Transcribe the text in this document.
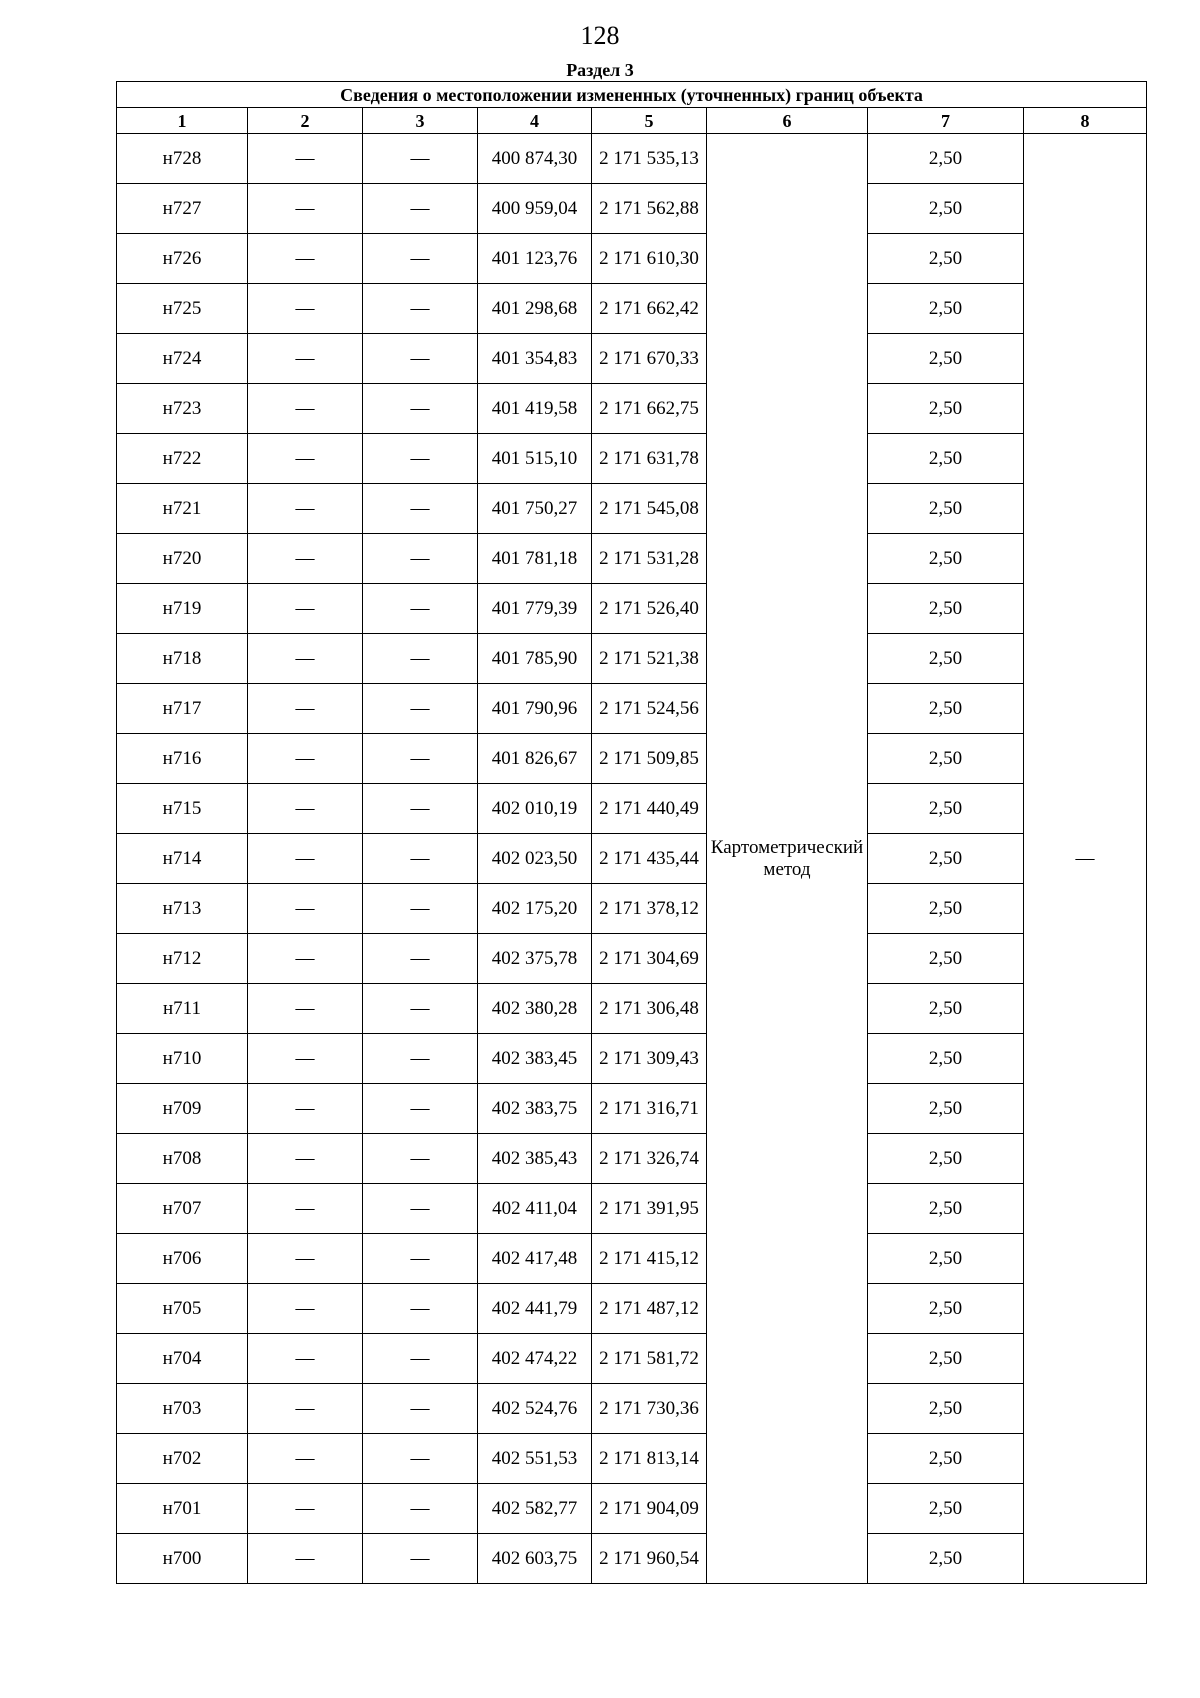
128
Раздел 3
Сведения о местоположении измененных (уточненных) границ объекта							
1	2	3	4	5	6	7	8
н728	—	—	400 874,30	2 171 535,13	Картометрический метод	2,50	—
н727	—	—	400 959,04	2 171 562,88		2,50	
н726	—	—	401 123,76	2 171 610,30		2,50	
н725	—	—	401 298,68	2 171 662,42		2,50	
н724	—	—	401 354,83	2 171 670,33		2,50	
н723	—	—	401 419,58	2 171 662,75		2,50	
н722	—	—	401 515,10	2 171 631,78		2,50	
н721	—	—	401 750,27	2 171 545,08		2,50	
н720	—	—	401 781,18	2 171 531,28		2,50	
н719	—	—	401 779,39	2 171 526,40		2,50	
н718	—	—	401 785,90	2 171 521,38		2,50	
н717	—	—	401 790,96	2 171 524,56		2,50	
н716	—	—	401 826,67	2 171 509,85		2,50	
н715	—	—	402 010,19	2 171 440,49		2,50	
н714	—	—	402 023,50	2 171 435,44		2,50	
н713	—	—	402 175,20	2 171 378,12		2,50	
н712	—	—	402 375,78	2 171 304,69		2,50	
н711	—	—	402 380,28	2 171 306,48		2,50	
н710	—	—	402 383,45	2 171 309,43		2,50	
н709	—	—	402 383,75	2 171 316,71		2,50	
н708	—	—	402 385,43	2 171 326,74		2,50	
н707	—	—	402 411,04	2 171 391,95		2,50	
н706	—	—	402 417,48	2 171 415,12		2,50	
н705	—	—	402 441,79	2 171 487,12		2,50	
н704	—	—	402 474,22	2 171 581,72		2,50	
н703	—	—	402 524,76	2 171 730,36		2,50	
н702	—	—	402 551,53	2 171 813,14		2,50	
н701	—	—	402 582,77	2 171 904,09		2,50	
н700	—	—	402 603,75	2 171 960,54		2,50	
